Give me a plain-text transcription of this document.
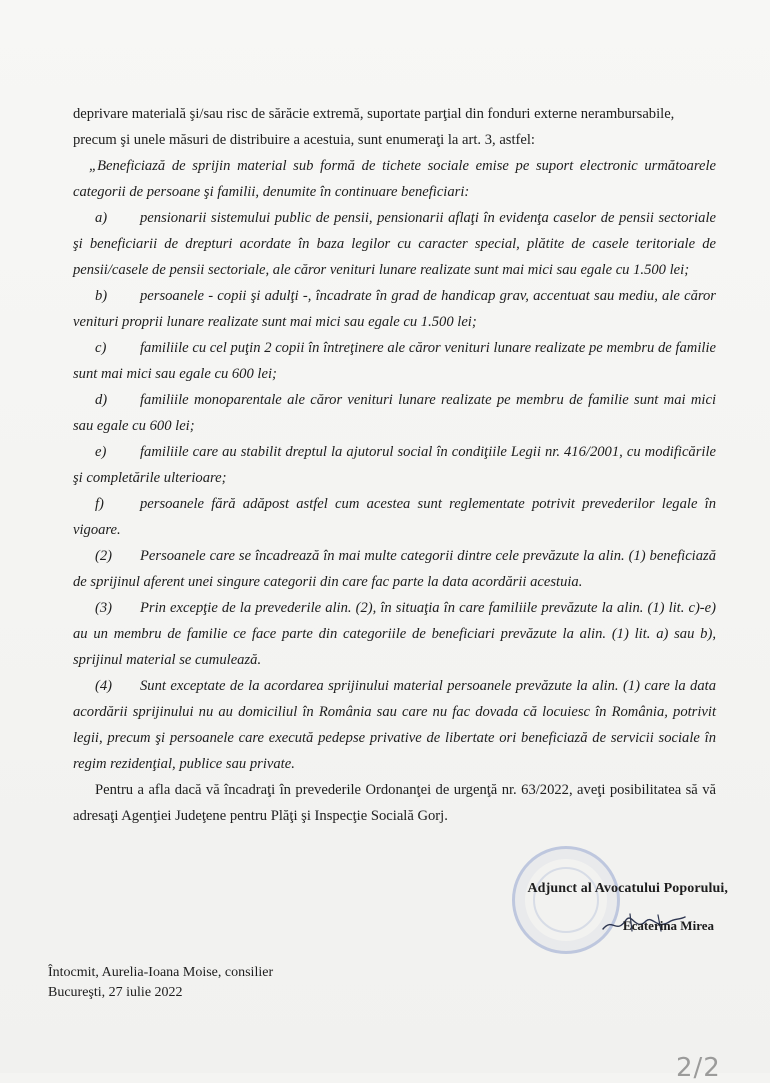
deprivare materială şi/sau risc de sărăcie extremă, suportate parţial din fonduri externe nerambursabile,
precum şi unele măsuri de distribuire a acestuia, sunt enumeraţi la art. 3, astfel:

„Beneficiază de sprijin material sub formă de tichete sociale emise pe suport electronic următoarele categorii de persoane şi familii, denumite în continuare beneficiari:

a) pensionarii sistemului public de pensii, pensionarii aflaţi în evidenţa caselor de pensii sectoriale şi beneficiarii de drepturi acordate în baza legilor cu caracter special, plătite de casele teritoriale de pensii/casele de pensii sectoriale, ale căror venituri lunare realizate sunt mai mici sau egale cu 1.500 lei;

b) persoanele - copii şi adulţi -, încadrate în grad de handicap grav, accentuat sau mediu, ale căror venituri proprii lunare realizate sunt mai mici sau egale cu 1.500 lei;

c) familiile cu cel puţin 2 copii în întreţinere ale căror venituri lunare realizate pe membru de familie sunt mai mici sau egale cu 600 lei;

d) familiile monoparentale ale căror venituri lunare realizate pe membru de familie sunt mai mici sau egale cu 600 lei;

e) familiile care au stabilit dreptul la ajutorul social în condiţiile Legii nr. 416/2001, cu modificările şi completările ulterioare;

f) persoanele fără adăpost astfel cum acestea sunt reglementate potrivit prevederilor legale în vigoare.

(2) Persoanele care se încadrează în mai multe categorii dintre cele prevăzute la alin. (1) beneficiază de sprijinul aferent unei singure categorii din care fac parte la data acordării acestuia.

(3) Prin excepţie de la prevederile alin. (2), în situaţia în care familiile prevăzute la alin. (1) lit. c)-e) au un membru de familie ce face parte din categoriile de beneficiari prevăzute la alin. (1) lit. a) sau b), sprijinul material se cumulează.

(4) Sunt exceptate de la acordarea sprijinului material persoanele prevăzute la alin. (1) care la data acordării sprijinului nu au domiciliul în România sau care nu fac dovada că locuiesc în România, potrivit legii, precum şi persoanele care execută pedepse privative de libertate ori beneficiază de servicii sociale în regim rezidenţial, publice sau private.

Pentru a afla dacă vă încadraţi în prevederile Ordonanţei de urgenţă nr. 63/2022, aveţi posibilitatea să vă adresaţi Agenţiei Judeţene pentru Plăţi şi Inspecţie Socială Gorj.

Adjunct al Avocatului Poporului,
Ecaterina Mirea
Întocmit, Aurelia-Ioana Moise, consilier
Bucureşti, 27 iulie 2022
2/2
